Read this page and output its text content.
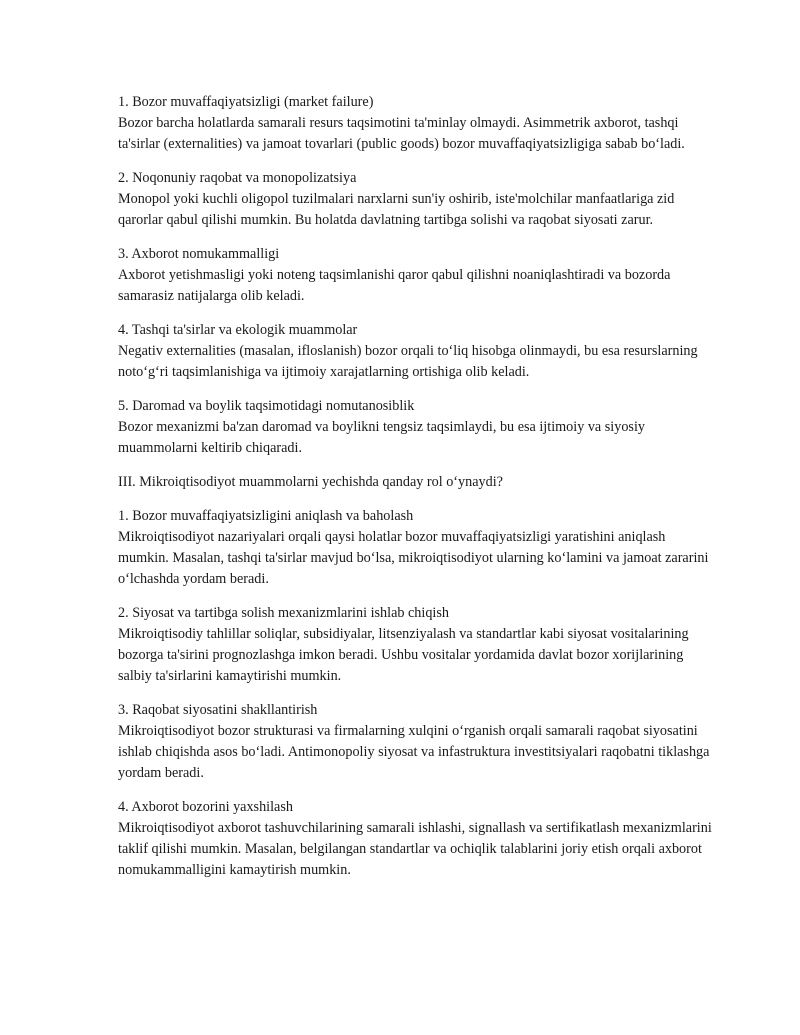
1. Bozor muvaffaqiyatsizligi (market failure)

Bozor barcha holatlarda samarali resurs taqsimotini ta'minlay olmaydi. Asimmetrik axborot, tashqi ta'sirlar (externalities) va jamoat tovarlari (public goods) bozor muvaffaqiyatsizligiga sabab bo‘ladi.

2. Noqonuniy raqobat va monopolizatsiya

Monopol yoki kuchli oligopol tuzilmalari narxlarni sun'iy oshirib, iste'molchilar manfaatlariga zid qarorlar qabul qilishi mumkin. Bu holatda davlatning tartibga solishi va raqobat siyosati zarur.

3. Axborot nomukammalligi

Axborot yetishmasligi yoki noteng taqsimlanishi qaror qabul qilishni noaniqlashtiradi va bozorda samarasiz natijalarga olib keladi.

4. Tashqi ta'sirlar va ekologik muammolar

Negativ externalities (masalan, ifloslanish) bozor orqali to‘liq hisobga olinmaydi, bu esa resurslarning noto‘g‘ri taqsimlanishiga va ijtimoiy xarajatlarning ortishiga olib keladi.

5. Daromad va boylik taqsimotidagi nomutanosiblik

Bozor mexanizmi ba'zan daromad va boylikni tengsiz taqsimlaydi, bu esa ijtimoiy va siyosiy muammolarni keltirib chiqaradi.

III. Mikroiqtisodiyot muammolarni yechishda qanday rol o‘ynaydi?

1. Bozor muvaffaqiyatsizligini aniqlash va baholash

Mikroiqtisodiyot nazariyalari orqali qaysi holatlar bozor muvaffaqiyatsizligi yaratishini aniqlash mumkin. Masalan, tashqi ta'sirlar mavjud bo‘lsa, mikroiqtisodiyot ularning ko‘lamini va jamoat zararini o‘lchashda yordam beradi.

2. Siyosat va tartibga solish mexanizmlarini ishlab chiqish

Mikroiqtisodiy tahlillar soliqlar, subsidiyalar, litsenziyalash va standartlar kabi siyosat vositalarining bozorga ta'sirini prognozlashga imkon beradi. Ushbu vositalar yordamida davlat bozor xorijlarining salbiy ta'sirlarini kamaytirishi mumkin.

3. Raqobat siyosatini shakllantirish

Mikroiqtisodiyot bozor strukturasi va firmalarning xulqini o‘rganish orqali samarali raqobat siyosatini ishlab chiqishda asos bo‘ladi. Antimonopoliy siyosat va infastruktura investitsiyalari raqobatni tiklashga yordam beradi.

4. Axborot bozorini yaxshilash

Mikroiqtisodiyot axborot tashuvchilarining samarali ishlashi, signallash va sertifikatlash mexanizmlarini taklif qilishi mumkin. Masalan, belgilangan standartlar va ochiqlik talablarini joriy etish orqali axborot nomukammalligini kamaytirish mumkin.
